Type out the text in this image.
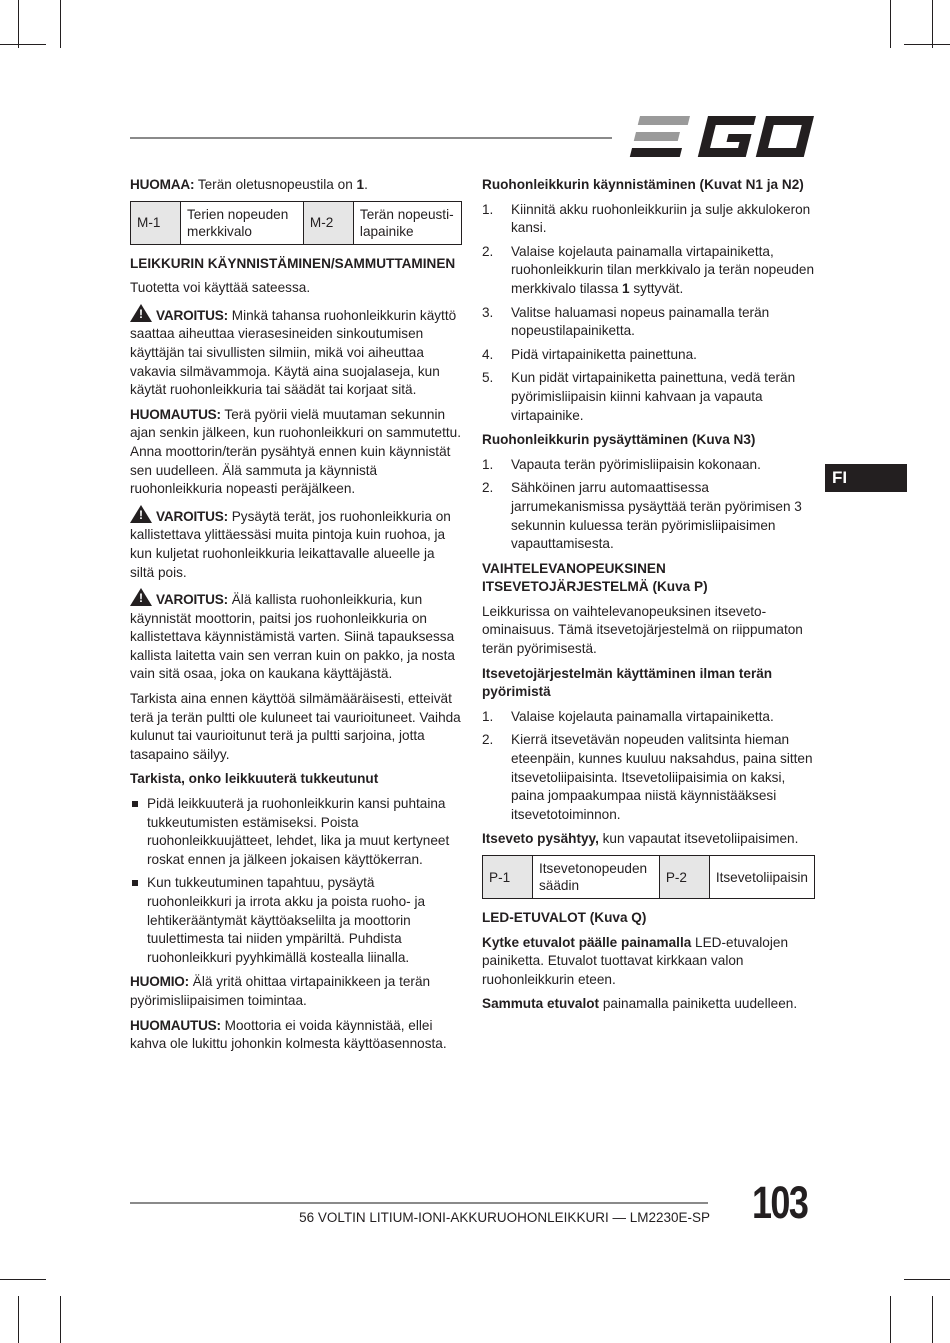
HUOMAA: Terän oletusnopeustila on 1.

M-1	Terien nopeuden merkkivalo	M-2	Terän nopeusti-lapainike
LEIKKURIN KÄYNNISTÄMINEN/SAMMUTTAMINEN

Tuotetta voi käyttää sateessa.

!VAROITUS: Minkä tahansa ruohonleikkurin käyttö saattaa aiheuttaa vierasesineiden sinkoutumisen käyttäjän tai sivullisten silmiin, mikä voi aiheuttaa vakavia silmävammoja. Käytä aina suojalaseja, kun käytät ruohonleikkuria tai säädät tai korjaat sitä.

HUOMAUTUS: Terä pyörii vielä muutaman sekunnin ajan senkin jälkeen, kun ruohonleikkuri on sammutettu. Anna moottorin/terän pysähtyä ennen kuin käynnistät sen uudelleen. Älä sammuta ja käynnistä ruohonleikkuria nopeasti peräjälkeen.

!VAROITUS: Pysäytä terät, jos ruohonleikkuria on kallistettava ylittäessäsi muita pintoja kuin ruohoa, ja kun kuljetat ruohonleikkuria leikattavalle alueelle ja siltä pois.

!VAROITUS: Älä kallista ruohonleikkuria, kun käynnistät moottorin, paitsi jos ruohonleikkuria on kallistettava käynnistämistä varten. Siinä tapauksessa kallista laitetta vain sen verran kuin on pakko, ja nosta vain sitä osaa, joka on kaukana käyttäjästä.

Tarkista aina ennen käyttöä silmämääräisesti, etteivät terä ja terän pultti ole kuluneet tai vaurioituneet. Vaihda kulunut tai vaurioitunut terä ja pultti sarjoina, jotta tasapaino säilyy.

Tarkista, onko leikkuuterä tukkeutunut
Pidä leikkuuterä ja ruohonleikkurin kansi puhtaina tukkeutumisten estämiseksi. Poista ruohonleikkuujätteet, lehdet, lika ja muut kertyneet roskat ennen ja jälkeen jokaisen käyttökerran.
Kun tukkeutuminen tapahtuu, pysäytä ruohonleikkuri ja irrota akku ja poista ruoho- ja lehtikerääntymät käyttöakselilta ja moottorin tuulettimesta tai niiden ympäriltä. Puhdista ruohonleikkuri pyyhkimällä kostealla liinalla.

HUOMIO: Älä yritä ohittaa virtapainikkeen ja terän pyörimisliipaisimen toimintaa.

HUOMAUTUS: Moottoria ei voida käynnistää, ellei kahva ole lukittu johonkin kolmesta käyttöasennosta.

Ruohonleikkurin käynnistäminen (Kuvat N1 ja N2)
1.	Kiinnitä akku ruohonleikkuriin ja sulje akkulokeron kansi.
2.	Valaise kojelauta painamalla virtapainiketta, ruohonleikkurin tilan merkkivalo ja terän nopeuden merkkivalo tilassa 1 syttyvät.
3.	Valitse haluamasi nopeus painamalla terän nopeustilapainiketta.
4.	Pidä virtapainiketta painettuna.
5.	Kun pidät virtapainiketta painettuna, vedä terän pyörimisliipaisin kiinni kahvaan ja vapauta virtapainike.
Ruohonleikkurin pysäyttäminen (Kuva N3)
1.	Vapauta terän pyörimisliipaisin kokonaan.
2.	Sähköinen jarru automaattisessa jarrumekanismissa pysäyttää terän pyörimisen 3 sekunnin kuluessa terän pyörimisliipaisimen vapauttamisesta.
VAIHTELEVANOPEUKSINEN ITSEVETOJÄRJESTELMÄ (Kuva P)

Leikkurissa on vaihtelevanopeuksinen itseveto-ominaisuus. Tämä itsevetojärjestelmä on riippumaton terän pyörimisestä.

Itsevetojärjestelmän käyttäminen ilman terän pyörimistä
1.	Valaise kojelauta painamalla virtapainiketta.
2.	Kierrä itsevetävän nopeuden valitsinta hieman eteenpäin, kunnes kuuluu naksahdus, paina sitten itsevetoliipaisinta. Itsevetoliipaisimia on kaksi, paina jompaakumpaa niistä käynnistääksesi itsevetotoiminnon.

Itseveto pysähtyy, kun vapautat itsevetoliipaisimen.

P-1	Itsevetonopeuden säädin	P-2	Itsevetoliipaisin
LED-ETUVALOT (Kuva Q)

Kytke etuvalot päälle painamalla LED-etuvalojen painiketta. Etuvalot tuottavat kirkkaan valon ruohonleikkurin eteen.

Sammuta etuvalot painamalla painiketta uudelleen.

FI
56 VOLTIN LITIUM-IONI-AKKURUOHONLEIKKURI — LM2230E-SP 103
